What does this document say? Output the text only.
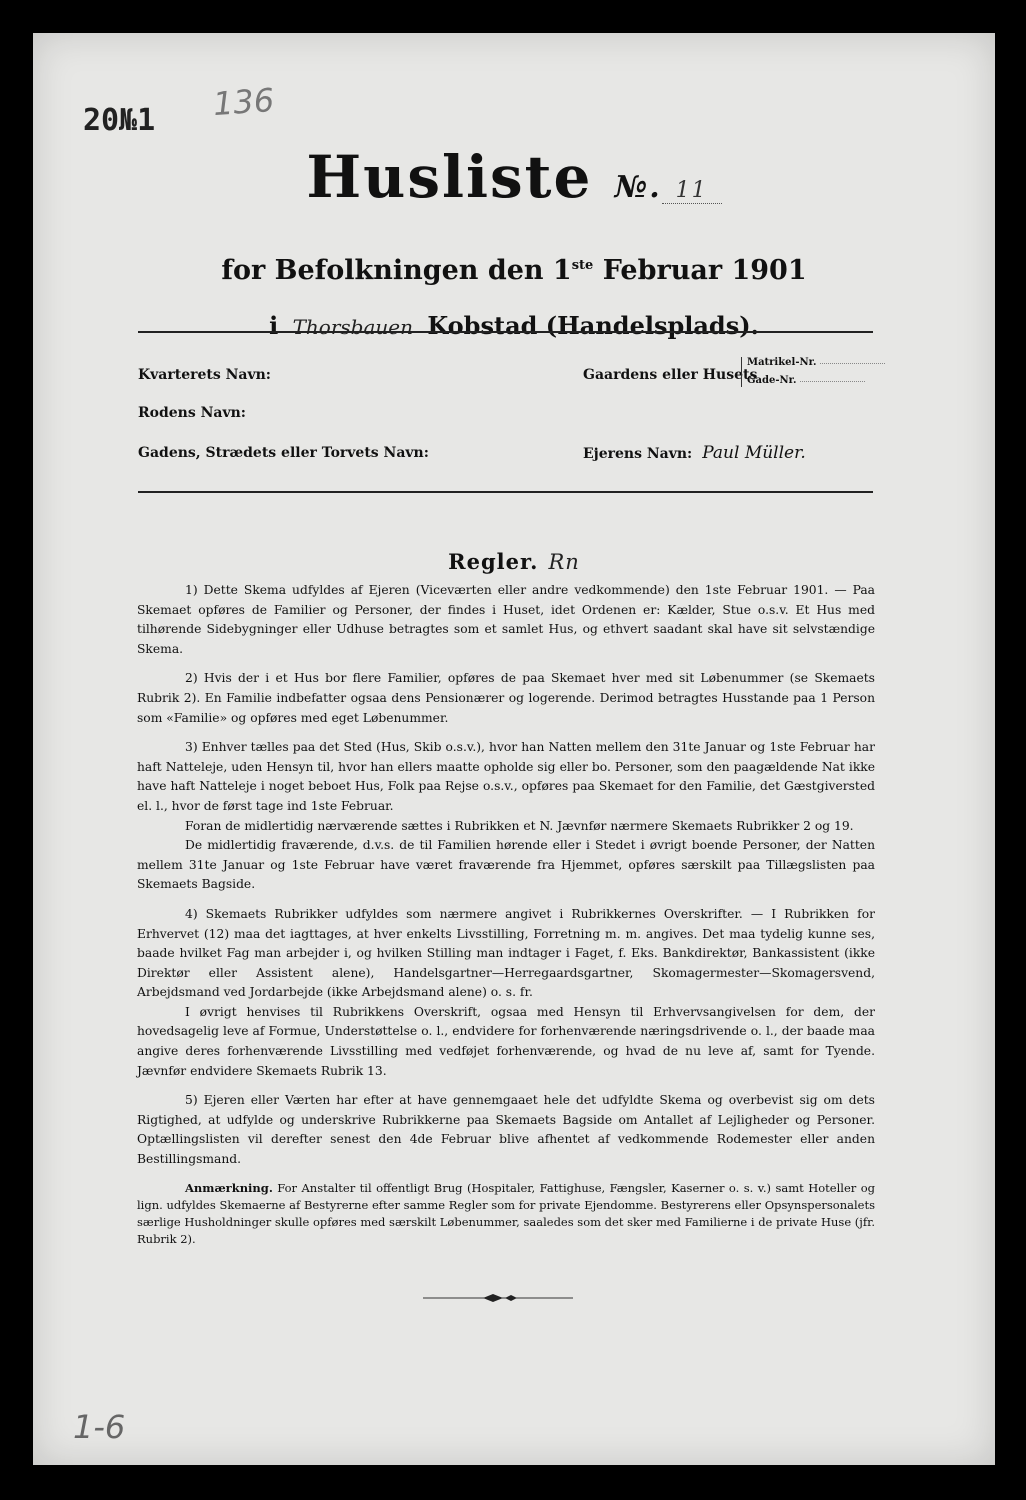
20№1 136
Husliste №. 11
for Befolkningen den 1ste Februar 1901
i Thorsbauen Kobstad (Handelsplads).
Kvarterets Navn:
Rodens Navn:
Gadens, Strædets eller Torvets Navn:
Gaardens eller Husets
Matrikel-Nr.
Gade-Nr.
Ejerens Navn: Paul Müller.
Regler. Rn

1) Dette Skema udfyldes af Ejeren (Viceværten eller andre vedkommende) den 1ste Februar 1901. — Paa Skemaet opføres de Familier og Personer, der findes i Huset, idet Ordenen er: Kælder, Stue o.s.v. Et Hus med tilhørende Sidebygninger eller Udhuse betragtes som et samlet Hus, og ethvert saadant skal have sit selvstændige Skema.

2) Hvis der i et Hus bor flere Familier, opføres de paa Skemaet hver med sit Løbenummer (se Skemaets Rubrik 2). En Familie indbefatter ogsaa dens Pensionærer og logerende. Derimod betragtes Husstande paa 1 Person som «Familie» og opføres med eget Løbenummer.

3) Enhver tælles paa det Sted (Hus, Skib o.s.v.), hvor han Natten mellem den 31te Januar og 1ste Februar har haft Natteleje, uden Hensyn til, hvor han ellers maatte opholde sig eller bo. Personer, som den paagældende Nat ikke have haft Natteleje i noget beboet Hus, Folk paa Rejse o.s.v., opføres paa Skemaet for den Familie, det Gæstgiversted el. l., hvor de først tage ind 1ste Februar.

Foran de midlertidig nærværende sættes i Rubrikken et N. Jævnfør nærmere Skemaets Rubrikker 2 og 19.

De midlertidig fraværende, d.v.s. de til Familien hørende eller i Stedet i øvrigt boende Personer, der Natten mellem 31te Januar og 1ste Februar have været fraværende fra Hjemmet, opføres særskilt paa Tillægslisten paa Skemaets Bagside.

4) Skemaets Rubrikker udfyldes som nærmere angivet i Rubrikkernes Overskrifter. — I Rubrikken for Erhvervet (12) maa det iagttages, at hver enkelts Livsstilling, Forretning m. m. angives. Det maa tydelig kunne ses, baade hvilket Fag man arbejder i, og hvilken Stilling man indtager i Faget, f. Eks. Bankdirektør, Bankassistent (ikke Direktør eller Assistent alene), Handelsgartner—Herregaardsgartner, Skomagermester—Skomagersvend, Arbejdsmand ved Jordarbejde (ikke Arbejdsmand alene) o. s. fr.

I øvrigt henvises til Rubrikkens Overskrift, ogsaa med Hensyn til Erhvervsangivelsen for dem, der hovedsagelig leve af Formue, Understøttelse o. l., endvidere for forhenværende næringsdrivende o. l., der baade maa angive deres forhenværende Livsstilling med vedføjet forhenværende, og hvad de nu leve af, samt for Tyende. Jævnfør endvidere Skemaets Rubrik 13.

5) Ejeren eller Værten har efter at have gennemgaaet hele det udfyldte Skema og overbevist sig om dets Rigtighed, at udfylde og underskrive Rubrikkerne paa Skemaets Bagside om Antallet af Lejligheder og Personer. Optællingslisten vil derefter senest den 4de Februar blive afhentet af vedkommende Rodemester eller anden Bestillingsmand.

Anmærkning. For Anstalter til offentligt Brug (Hospitaler, Fattighuse, Fængsler, Kaserner o. s. v.) samt Hoteller og lign. udfyldes Skemaerne af Bestyrerne efter samme Regler som for private Ejendomme. Bestyrerens eller Opsynspersonalets særlige Husholdninger skulle opføres med særskilt Løbenummer, saaledes som det sker med Familierne i de private Huse (jfr. Rubrik 2).

1-6
